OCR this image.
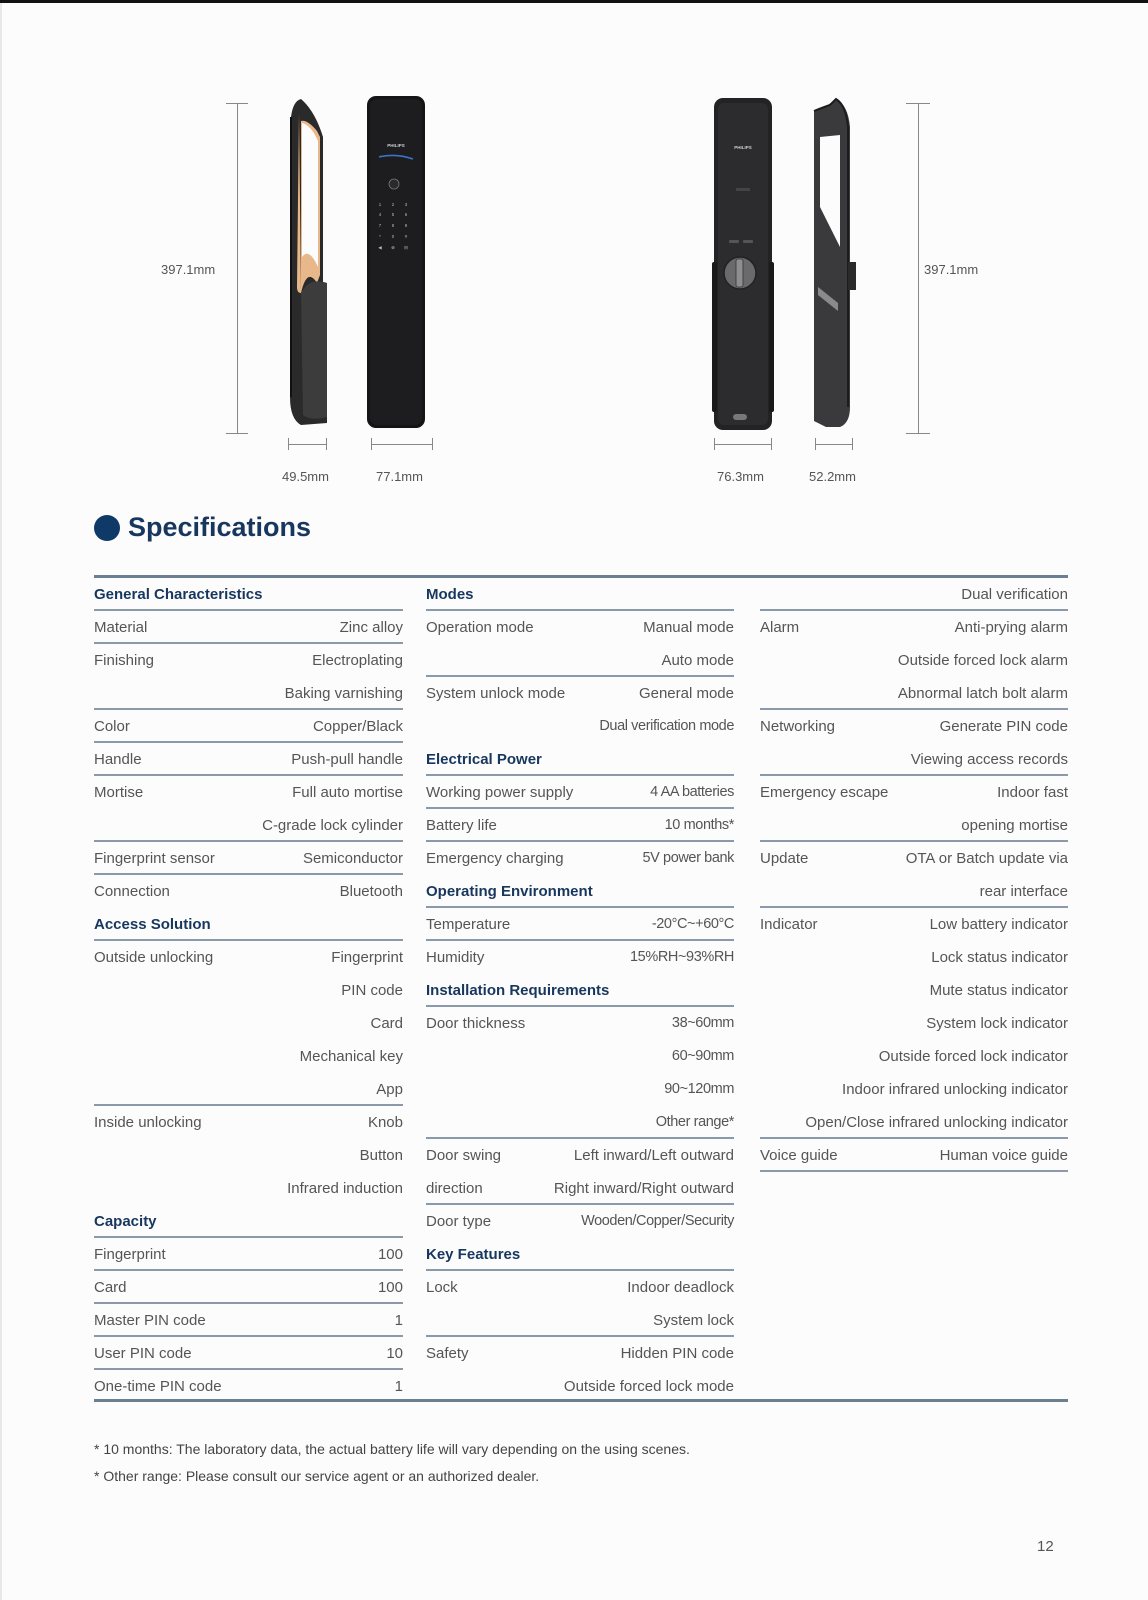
397.1mm
PHILIPS
1 2 3
4 5 6
7 8 9
* 0 #
◀ ⊕ ⊟
49.5mm	77.1mm
PHILIPS
397.1mm
76.3mm	52.2mm
Specifications
General Characteristics
Material	Zinc alloy
Finishing	Electroplating
Baking varnishing
Color	Copper/Black
Handle	Push-pull handle
Mortise	Full auto mortise
C-grade lock cylinder
Fingerprint sensor	Semiconductor
Connection	Bluetooth
Access Solution
Outside unlocking	Fingerprint
PIN code
Card
Mechanical key
App
Inside unlocking	Knob
Button
Infrared induction
Capacity
Fingerprint	100
Card	100
Master PIN code	1
User PIN code	10
One-time PIN code	1
Modes
Operation mode	Manual mode
Auto mode
System unlock mode	General mode
Dual verification mode
Electrical Power
Working power supply	4 AA batteries
Battery life	10 months*
Emergency charging	5V power bank
Operating Environment
Temperature	-20°C~+60°C
Humidity	15%RH~93%RH
Installation Requirements
Door thickness	38~60mm
60~90mm
90~120mm
Other range*
Door swing	Left inward/Left outward
direction	Right inward/Right outward
Door type	Wooden/Copper/Security
Key Features
Lock	Indoor deadlock
System lock
Safety	Hidden PIN code
Outside forced lock mode
Dual verification
Alarm	Anti-prying alarm
Outside forced lock alarm
Abnormal latch bolt alarm
Networking	Generate PIN code
Viewing access records
Emergency escape	Indoor fast
opening mortise
Update	OTA or Batch update via
rear interface
Indicator	Low battery indicator
Lock status indicator
Mute status indicator
System lock indicator
Outside forced lock indicator
Indoor infrared unlocking indicator
Open/Close infrared unlocking indicator
Voice guide	Human voice guide
* 10 months: The laboratory data, the actual battery life will vary depending on the using scenes.
* Other range: Please consult our service agent or an authorized dealer.
12
